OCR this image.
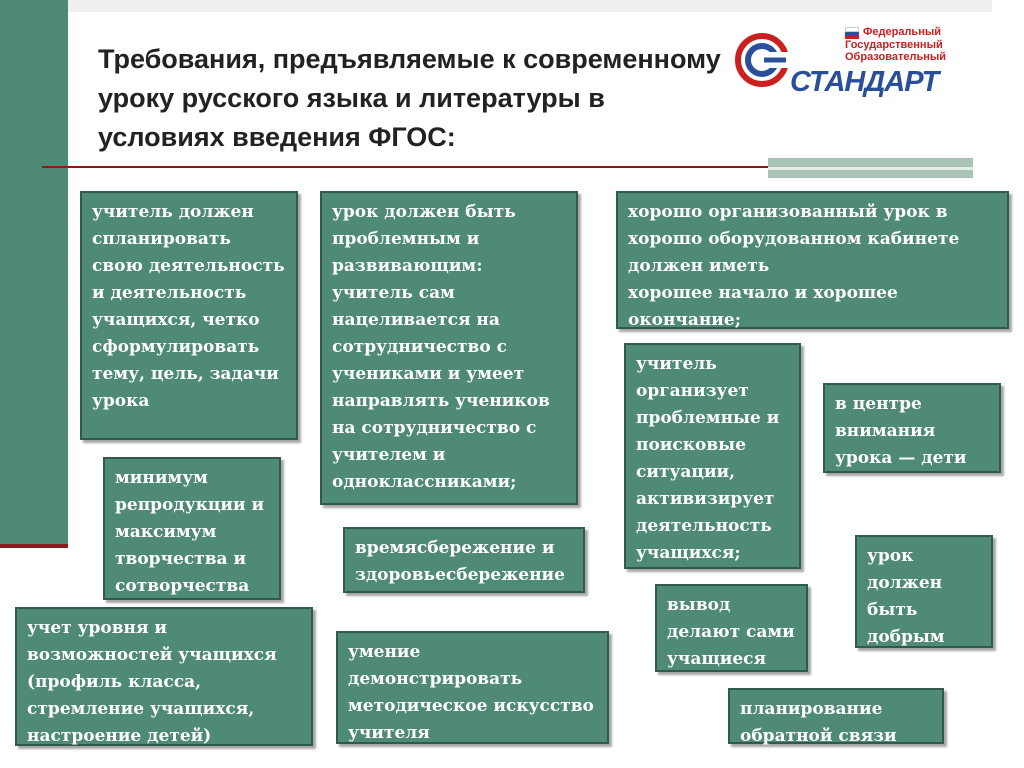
Требования, предъявляемые к современному уроку русского языка и литературы в условиях введения ФГОС:
Федеральный
Государственный
Образовательный
СТАНДАРТ
учитель должен
спланировать
свою деятельность
и деятельность
учащихся, четко
сформулировать
тему, цель, задачи
урока
урок должен быть
проблемным и
развивающим:
учитель сам
нацеливается на
сотрудничество с
учениками и умеет
направлять учеников
на сотрудничество с
учителем и
одноклассниками;
хорошо организованный урок в
хорошо оборудованном кабинете
должен иметь
хорошее начало и хорошее
окончание;
минимум
репродукции и
максимум
творчества и
сотворчества
учитель
организует
проблемные и
поисковые
ситуации,
активизирует
деятельность
учащихся;
в центре
внимания
урока — дети
времясбережение и
здоровьесбережение
урок
должен
быть
добрым
учет уровня и
возможностей учащихся
(профиль класса,
стремление учащихся,
настроение детей)
умение
демонстрировать
методическое искусство
учителя
вывод
делают сами
учащиеся
планирование
обратной связи
